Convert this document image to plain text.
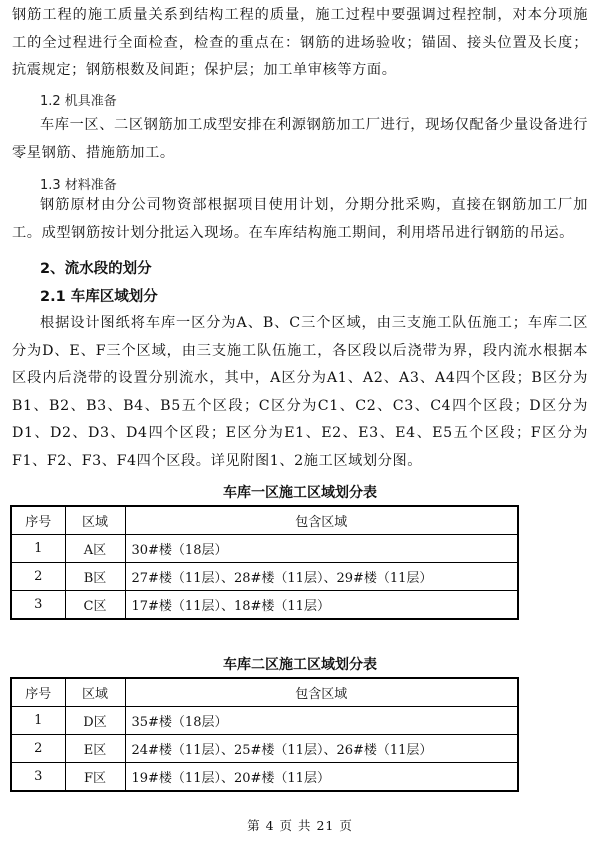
钢筋工程的施工质量关系到结构工程的质量，施工过程中要强调过程控制，对本分项施工的全过程进行全面检查，检查的重点在：钢筋的进场验收；锚固、接头位置及长度；抗震规定；钢筋根数及间距；保护层；加工单审核等方面。

1.2 机具准备

车库一区、二区钢筋加工成型安排在利源钢筋加工厂进行，现场仅配备少量设备进行零星钢筋、措施筋加工。

1.3 材料准备

钢筋原材由分公司物资部根据项目使用计划，分期分批采购，直接在钢筋加工厂加工。成型钢筋按计划分批运入现场。在车库结构施工期间，利用塔吊进行钢筋的吊运。

2、流水段的划分

2.1 车库区域划分

根据设计图纸将车库一区分为A、B、C三个区域，由三支施工队伍施工；车库二区分为D、E、F三个区域，由三支施工队伍施工，各区段以后浇带为界，段内流水根据本区段内后浇带的设置分别流水，其中，A区分为A1、A2、A3、A4四个区段；B区分为B1、B2、B3、B4、B5五个区段；C区分为C1、C2、C3、C4四个区段；D区分为D1、D2、D3、D4四个区段；E区分为E1、E2、E3、E4、E5五个区段；F区分为F1、F2、F3、F4四个区段。详见附图1、2施工区域划分图。

车库一区施工区域划分表

序号	区域	包含区域
1	A区	30#楼（18层）
2	B区	27#楼（11层）、28#楼（11层）、29#楼（11层）
3	C区	17#楼（11层）、18#楼（11层）

车库二区施工区域划分表

序号	区域	包含区域
1	D区	35#楼（18层）
2	E区	24#楼（11层）、25#楼（11层）、26#楼（11层）
3	F区	19#楼（11层）、20#楼（11层）
第 4 页 共 21 页
